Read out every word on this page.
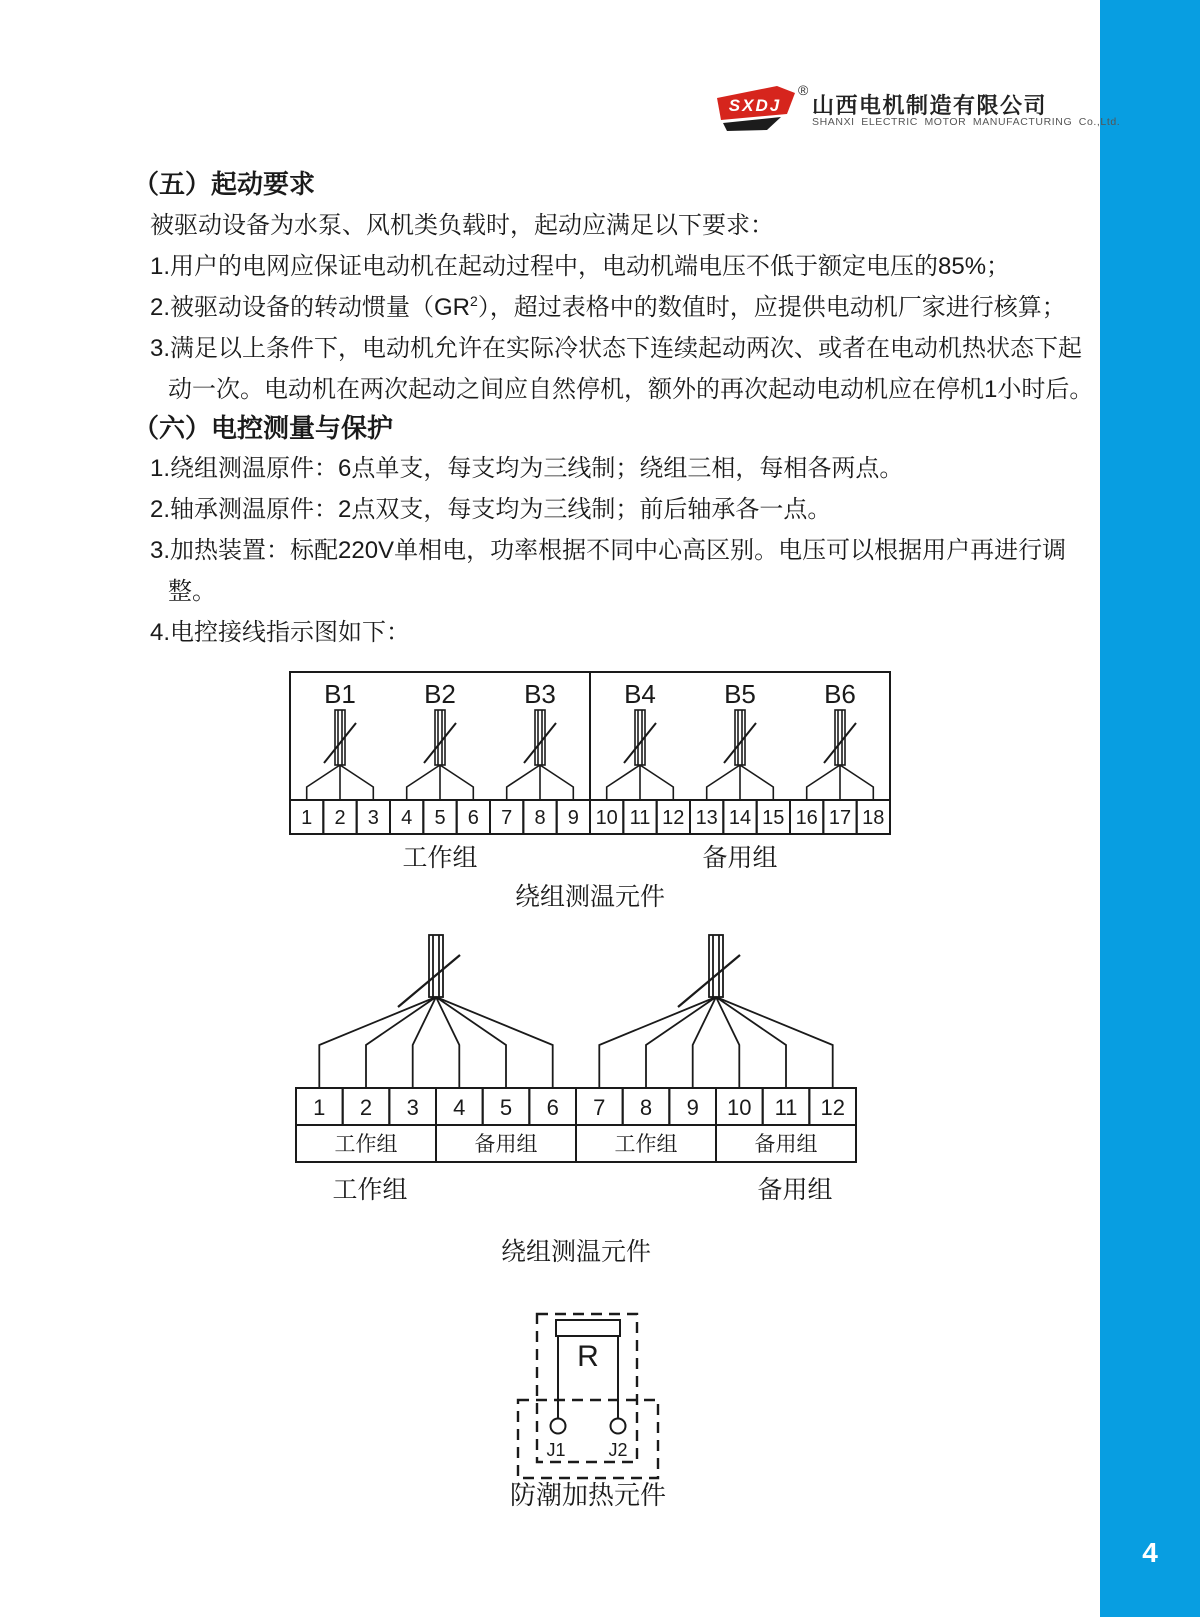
4
SXDJ
®
山西电机制造有限公司
SHANXI ELECTRIC MOTOR MANUFACTURING Co.,Ltd.
（五）起动要求
被驱动设备为水泵、风机类负载时，起动应满足以下要求：
1.用户的电网应保证电动机在起动过程中，电动机端电压不低于额定电压的85%；
2.被驱动设备的转动惯量$(GR^2)$，超过表格中的数值时，应提供电动机厂家进行核算；
3.满足以上条件下，电动机允许在实际冷状态下连续起动两次、或者在电动机热状态下起
动一次。电动机在两次起动之间应自然停机，额外的再次起动电动机应在停机1小时后。
（六）电控测量与保护
1.绕组测温原件：6点单支，每支均为三线制；绕组三相，每相各两点。
2.轴承测温原件：2点双支，每支均为三线制；前后轴承各一点。
3.加热装置：标配220V单相电，功率根据不同中心高区别。电压可以根据用户再进行调
整。
4.电控接线指示图如下：
B1	B2	B3	B4	B5	B6
1 2 3 4 5 6 7 8 9 10 11 12 13 14 15 16 17 18
工作组	备用组
绕组测温元件
1 2 3 4 5 6 7 8 9 10 11 12
工作组	备用组	工作组	备用组
工作组	备用组
绕组测温元件
R
J1 J2
防潮加热元件
